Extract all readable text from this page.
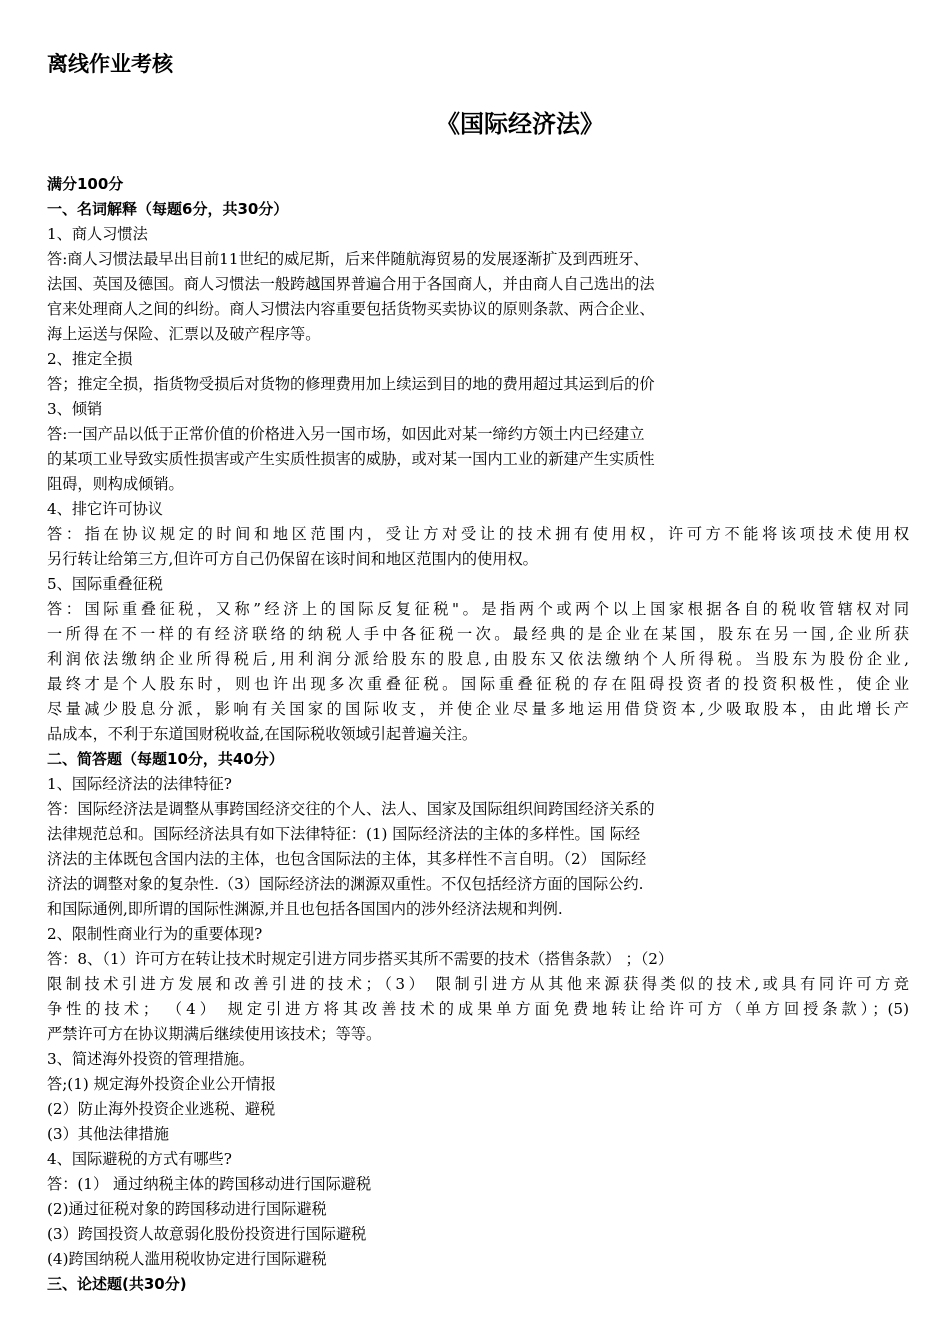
离线作业考核
《国际经济法》
满分100分
一、名词解释（每题6分，共30分）
1、商人习惯法
答:商人习惯法最早出目前11世纪的威尼斯，后来伴随航海贸易的发展逐渐扩及到西班牙、
法国、英国及德国。商人习惯法一般跨越国界普遍合用于各国商人，并由商人自己选出的法
官来处理商人之间的纠纷。商人习惯法内容重要包括货物买卖协议的原则条款、两合企业、
海上运送与保险、汇票以及破产程序等。
2、推定全损
答；推定全损，指货物受损后对货物的修理费用加上续运到目的地的费用超过其运到后的价
3、倾销
答:一国产品以低于正常价值的价格进入另一国市场，如因此对某一缔约方领土内已经建立
的某项工业导致实质性损害或产生实质性损害的威胁，或对某一国内工业的新建产生实质性
阻碍，则构成倾销。
4、排它许可协议
答：指在协议规定的时间和地区范围内，受让方对受让的技术拥有使用权，许可方不能将该项技术使用权
另行转让给第三方,但许可方自己仍保留在该时间和地区范围内的使用权。
5、国际重叠征税
答：国际重叠征税，又称”经济上的国际反复征税"。是指两个或两个以上国家根据各自的税收管辖权对同
一所得在不一样的有经济联络的纳税人手中各征税一次。最经典的是企业在某国，股东在另一国,企业所获
利润依法缴纳企业所得税后,用利润分派给股东的股息,由股东又依法缴纳个人所得税。当股东为股份企业,
最终才是个人股东时，则也许出现多次重叠征税。国际重叠征税的存在阻碍投资者的投资积极性，使企业
尽量减少股息分派，影响有关国家的国际收支，并使企业尽量多地运用借贷资本,少吸取股本，由此增长产
品成本，不利于东道国财税收益,在国际税收领域引起普遍关注。
二、简答题（每题10分，共40分）
1、国际经济法的法律特征?
答：国际经济法是调整从事跨国经济交往的个人、法人、国家及国际组织间跨国经济关系的
法律规范总和。国际经济法具有如下法律特征：(1) 国际经济法的主体的多样性。国 际经
济法的主体既包含国内法的主体，也包含国际法的主体，其多样性不言自明。（2） 国际经
济法的调整对象的复杂性.（3）国际经济法的渊源双重性。不仅包括经济方面的国际公约.
和国际通例,即所谓的国际性渊源,并且也包括各国国内的涉外经济法规和判例.
2、限制性商业行为的重要体现?
答：8、（1）许可方在转让技术时规定引进方同步搭买其所不需要的技术（搭售条款） ；（2）
限制技术引进方发展和改善引进的技术；（3） 限制引进方从其他来源获得类似的技术,或具有同许可方竞
争性的技术； （4） 规定引进方将其改善技术的成果单方面免费地转让给许可方（单方回授条款）；(5)
严禁许可方在协议期满后继续使用该技术；等等。
3、简述海外投资的管理措施。
答;(1) 规定海外投资企业公开情报
(2）防止海外投资企业逃税、避税
(3）其他法律措施
4、国际避税的方式有哪些?
答：(1） 通过纳税主体的跨国移动进行国际避税
(2)通过征税对象的跨国移动进行国际避税
(3）跨国投资人故意弱化股份投资进行国际避税
(4)跨国纳税人滥用税收协定进行国际避税
三、论述题(共30分)
